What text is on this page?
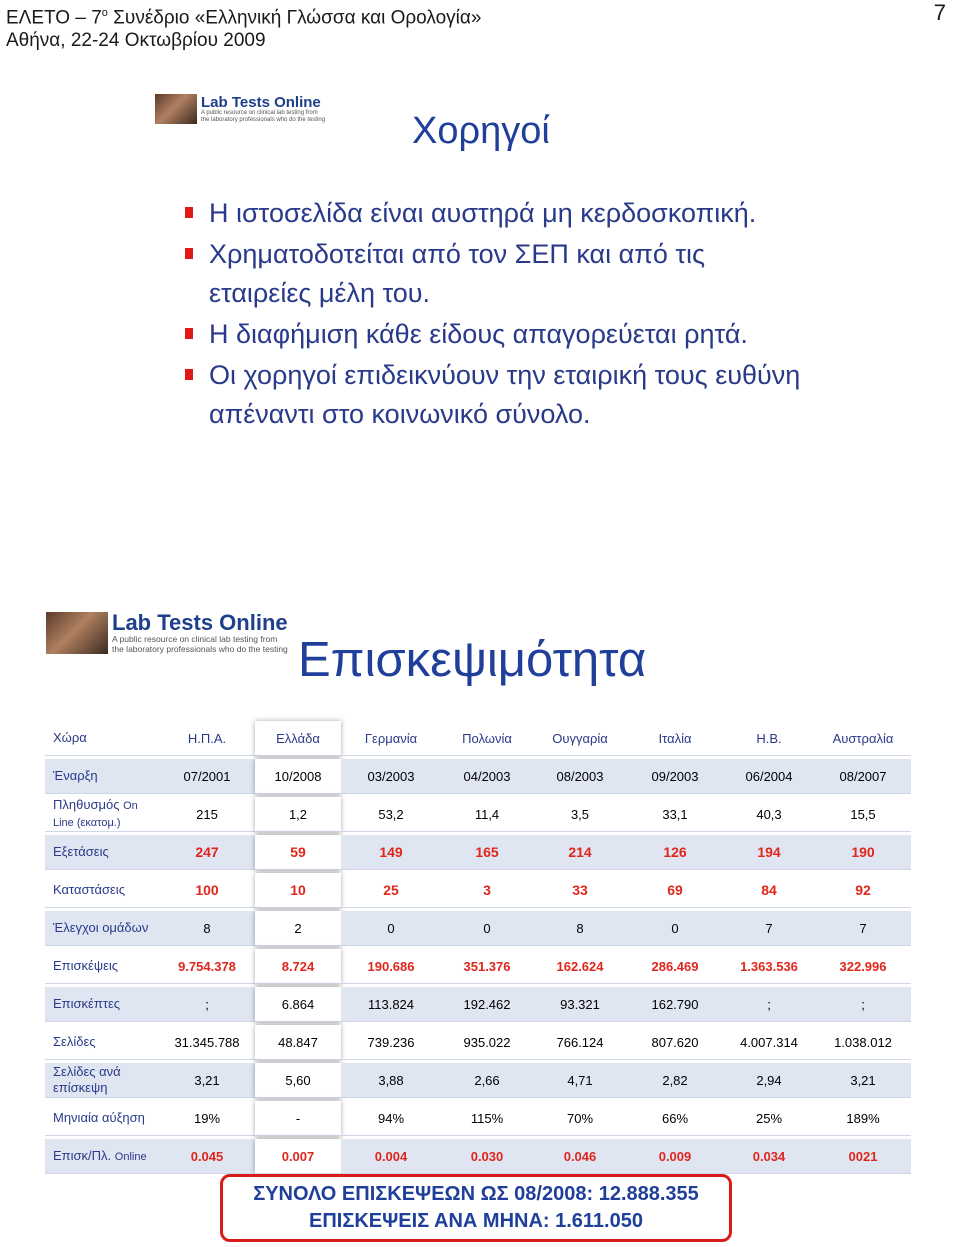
ΕΛΕΤΟ – $7^o$ Συνέδριο «Ελληνική Γλώσσα και Ορολογία»
Αθήνα, 22-24 Οκτωβρίου 2009
7
Lab Tests Online
A public resource on clinical lab testing from
the laboratory professionals who do the testing Χορηγοί
Η ιστοσελίδα είναι αυστηρά μη κερδοσκοπική.
Χρηματοδοτείται από τον ΣΕΠ και από τις εταιρείες μέλη του.
Η διαφήμιση κάθε είδους απαγορεύεται ρητά.
Οι χορηγοί επιδεικνύουν την εταιρική τους ευθύνη απέναντι στο κοινωνικό σύνολο.
Lab Tests Online
A public resource on clinical lab testing from
the laboratory professionals who do the testing Επισκεψιμότητα
Χώρα	Η.Π.Α.	Ελλάδα	Γερμανία	Πολωνία	Ουγγαρία	Ιταλία	Η.Β.	Αυστραλία
Έναρξη	07/2001	10/2008	03/2003	04/2003	08/2003	09/2003	06/2004	08/2007
Πληθυσμός On Line (εκατομ.)	215	1,2	53,2	11,4	3,5	33,1	40,3	15,5
Εξετάσεις	247	59	149	165	214	126	194	190
Καταστάσεις	100	10	25	3	33	69	84	92
Έλεγχοι ομάδων	8	2	0	0	8	0	7	7
Επισκέψεις	9.754.378	8.724	190.686	351.376	162.624	286.469	1.363.536	322.996
Επισκέπτες	;	6.864	113.824	192.462	93.321	162.790	;	;
Σελίδες	31.345.788	48.847	739.236	935.022	766.124	807.620	4.007.314	1.038.012
Σελίδες ανά επίσκεψη	3,21	5,60	3,88	2,66	4,71	2,82	2,94	3,21
Μηνιαία αύξηση	19%	-	94%	115%	70%	66%	25%	189%
Επισκ/Πλ. Online	0.045	0.007	0.004	0.030	0.046	0.009	0.034	0021
ΣΥΝΟΛΟ ΕΠΙΣΚΕΨΕΩΝ ΩΣ 08/2008: 12.888.355
ΕΠΙΣΚΕΨΕΙΣ ΑΝΑ ΜΗΝΑ: 1.611.050
